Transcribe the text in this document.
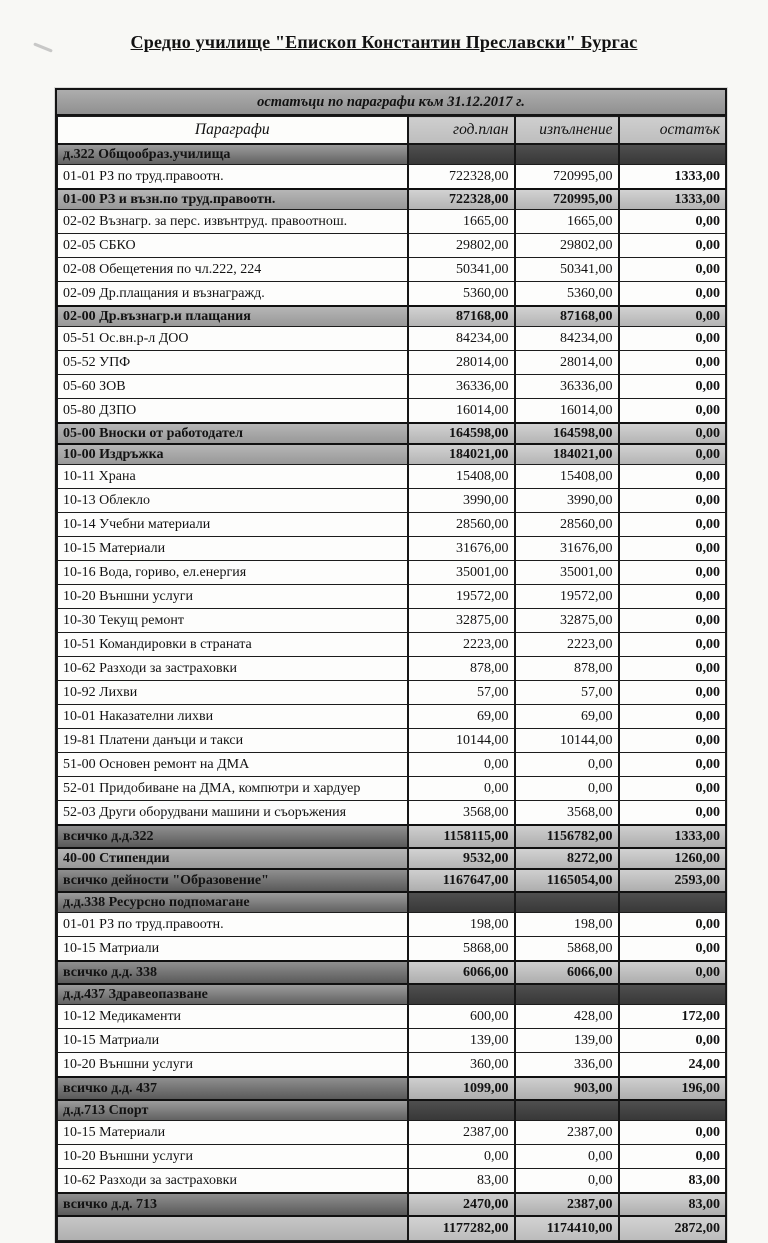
Средно училище "Епископ Константин Преславски" Бургас
остатъци по параграфи към 31.12.2017 г.
Параграфи	год.план	изпълнение	остатък
д.322 Общообраз.училища			
01-01 РЗ по труд.правоотн.	722328,00	720995,00	1333,00
01-00 РЗ и възн.по труд.правоотн.	722328,00	720995,00	1333,00
02-02 Възнагр. за перс. извънтруд. правоотнош.	1665,00	1665,00	0,00
02-05 СБКО	29802,00	29802,00	0,00
02-08 Обещетения по чл.222, 224	50341,00	50341,00	0,00
02-09 Др.плащания и възнагражд.	5360,00	5360,00	0,00
02-00 Др.възнагр.и плащания	87168,00	87168,00	0,00
05-51 Ос.вн.р-л ДОО	84234,00	84234,00	0,00
05-52 УПФ	28014,00	28014,00	0,00
05-60 ЗОВ	36336,00	36336,00	0,00
05-80 ДЗПО	16014,00	16014,00	0,00
05-00 Вноски от работодател	164598,00	164598,00	0,00
10-00 Издръжка	184021,00	184021,00	0,00
10-11 Храна	15408,00	15408,00	0,00
10-13 Облекло	3990,00	3990,00	0,00
10-14 Учебни материали	28560,00	28560,00	0,00
10-15 Материали	31676,00	31676,00	0,00
10-16 Вода, гориво, ел.енергия	35001,00	35001,00	0,00
10-20 Външни услуги	19572,00	19572,00	0,00
10-30 Текущ ремонт	32875,00	32875,00	0,00
10-51 Командировки в страната	2223,00	2223,00	0,00
10-62 Разходи за застраховки	878,00	878,00	0,00
10-92 Лихви	57,00	57,00	0,00
10-01 Наказателни лихви	69,00	69,00	0,00
19-81 Платени данъци и такси	10144,00	10144,00	0,00
51-00 Основен ремонт на ДМА	0,00	0,00	0,00
52-01 Придобиване на ДМА, компютри и хардуер	0,00	0,00	0,00
52-03 Други оборудвани машини и съоръжения	3568,00	3568,00	0,00
всичко д.д.322	1158115,00	1156782,00	1333,00
40-00 Стипендии	9532,00	8272,00	1260,00
всичко дейности "Образовение"	1167647,00	1165054,00	2593,00
д.д.338 Ресурсно подпомагане			
01-01 РЗ по труд.правоотн.	198,00	198,00	0,00
10-15 Матриали	5868,00	5868,00	0,00
всичко д.д. 338	6066,00	6066,00	0,00
д.д.437 Здравеопазване			
10-12 Медикаменти	600,00	428,00	172,00
10-15 Матриали	139,00	139,00	0,00
10-20 Външни услуги	360,00	336,00	24,00
всичко д.д. 437	1099,00	903,00	196,00
д.д.713 Спорт			
10-15 Материали	2387,00	2387,00	0,00
10-20 Външни услуги	0,00	0,00	0,00
10-62 Разходи за застраховки	83,00	0,00	83,00
всичко д.д. 713	2470,00	2387,00	83,00
	1177282,00	1174410,00	2872,00
